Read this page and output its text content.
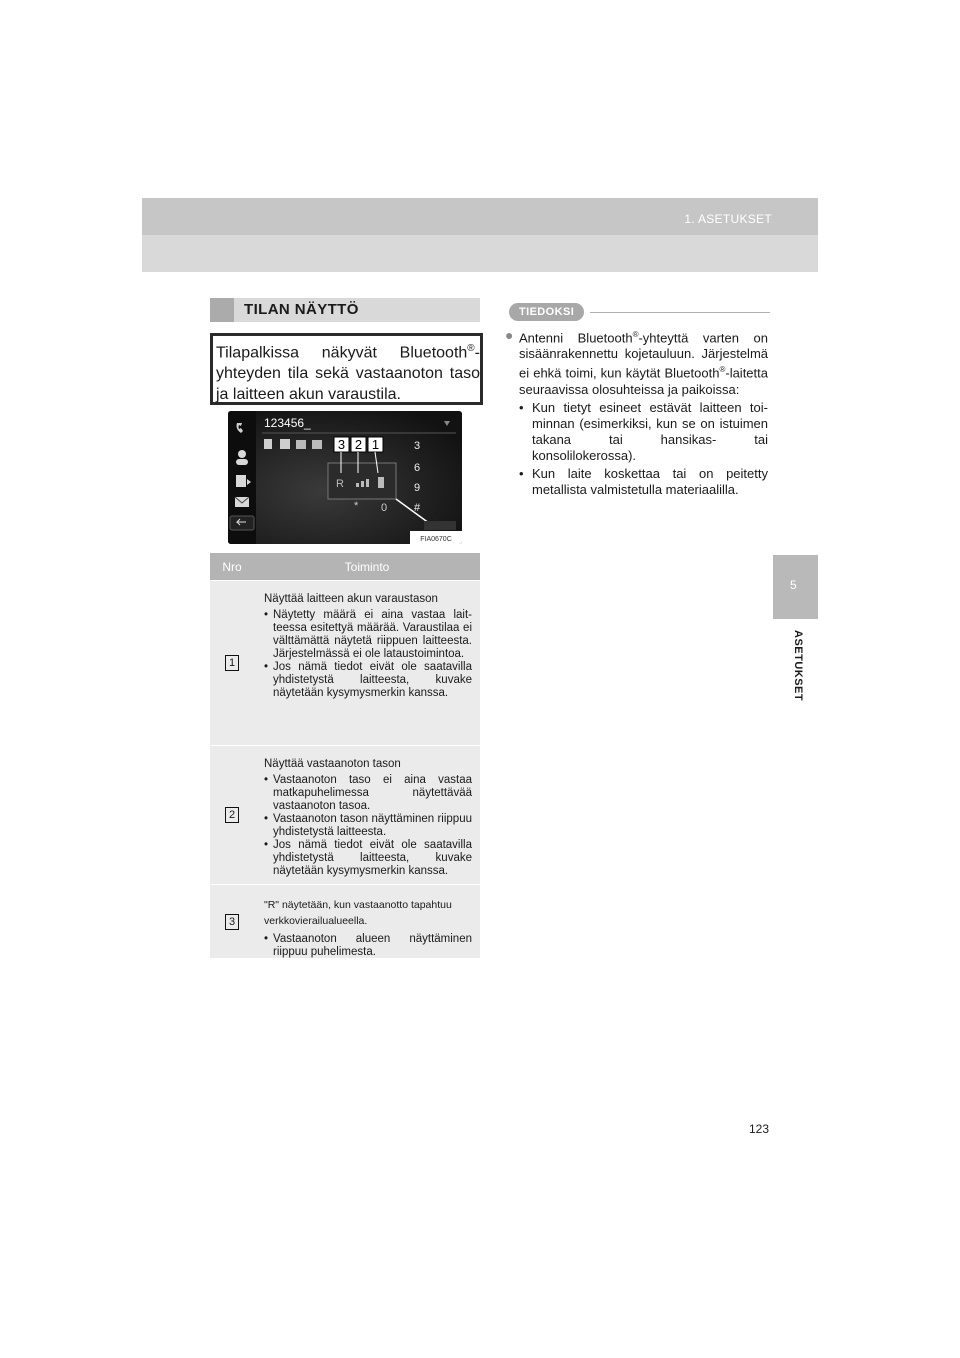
1. ASETUKSET
5
ASETUKSET
123
TILAN NÄYTTÖ
Tilapalkissa näkyvät Bluetooth®-yhteyden tila sekä vastaanoton taso ja laitteen akun varaustila.
123456_
R
3 2 1	3
6
9
#
0
*
FIA0670C
Nro	Toiminto
1
Näyttää laitteen akun varaustason
• Näytetty määrä ei aina vastaa laitteessa esitettyä määrää. Varaustilaa ei välttämättä näytetä riippuen laitteesta. Järjestelmässä ei ole lataustoimintoa.
• Jos nämä tiedot eivät ole saatavilla yhdistetystä laitteesta, kuvake näytetään kysymysmerkin kanssa.
2
Näyttää vastaanoton tason
• Vastaanoton taso ei aina vastaa matkapuhelimessa näytettävää vastaanoton tasoa.
• Vastaanoton tason näyttäminen riippuu yhdistetystä laitteesta.
• Jos nämä tiedot eivät ole saatavilla yhdistetystä laitteesta, kuvake näytetään kysymysmerkin kanssa.
3
"R" näytetään, kun vastaanotto tapahtuu verkkovierailualueella.
• Vastaanoton alueen näyttäminen riippuu puhelimesta.
TIEDOKSI
● Antenni Bluetooth®-yhteyttä varten on sisäänrakennettu kojetauluun. Järjestelmä ei ehkä toimi, kun käytät Bluetooth®-laitetta seuraavissa olosuhteissa ja paikoissa:
• Kun tietyt esineet estävät laitteen toiminnan (esimerkiksi, kun se on istuimen takana tai hansikas- tai konsolilokerossa).
• Kun laite koskettaa tai on peitetty metallista valmistetulla materiaalilla.
